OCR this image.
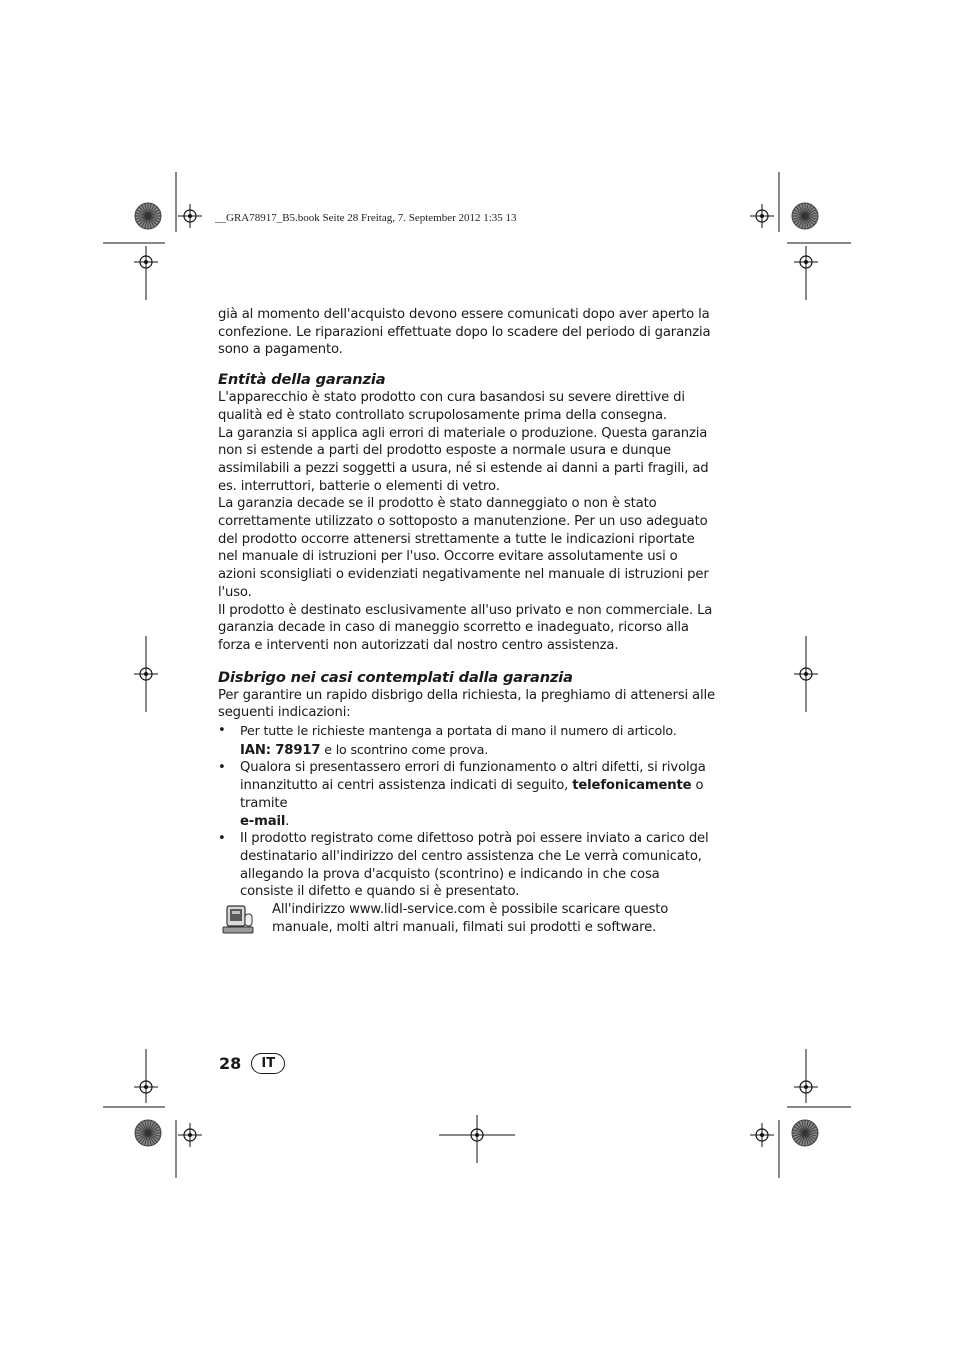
__GRA78917_B5.book Seite 28 Freitag, 7. September 2012 1:35 13

già al momento dell'acquisto devono essere comunicati dopo aver aperto la confezione. Le riparazioni effettuate dopo lo scadere del periodo di garanzia sono a pagamento.

Entità della garanzia

L'apparecchio è stato prodotto con cura basandosi su severe direttive di qualità ed è stato controllato scrupolosamente prima della consegna.

La garanzia si applica agli errori di materiale o produzione. Questa garanzia non si estende a parti del prodotto esposte a normale usura e dunque assimilabili a pezzi soggetti a usura, né si estende ai danni a parti fragili, ad es. interruttori, batterie o elementi di vetro.

La garanzia decade se il prodotto è stato danneggiato o non è stato correttamente utilizzato o sottoposto a manutenzione. Per un uso adeguato del prodotto occorre attenersi strettamente a tutte le indicazioni riportate nel manuale di istruzioni per l'uso. Occorre evitare assolutamente usi o azioni sconsigliati o evidenziati negativamente nel manuale di istruzioni per l'uso.

Il prodotto è destinato esclusivamente all'uso privato e non commerciale. La garanzia decade in caso di maneggio scorretto e inadeguato, ricorso alla forza e interventi non autorizzati dal nostro centro assistenza.

Disbrigo nei casi contemplati dalla garanzia

Per garantire un rapido disbrigo della richiesta, la preghiamo di attenersi alle seguenti indicazioni:

• Per tutte le richieste mantenga a portata di mano il numero di articolo.
IAN: 78917 e lo scontrino come prova.
• Qualora si presentassero errori di funzionamento o altri difetti, si rivolga innanzitutto ai centri assistenza indicati di seguito, telefonicamente o tramite
e-mail.
• Il prodotto registrato come difettoso potrà poi essere inviato a carico del destinatario all'indirizzo del centro assistenza che Le verrà comunicato, allegando la prova d'acquisto (scontrino) e indicando in che cosa consiste il difetto e quando si è presentato.
All'indirizzo www.lidl-service.com è possibile scaricare questo manuale, molti altri manuali, filmati sui prodotti e software.
28	IT
